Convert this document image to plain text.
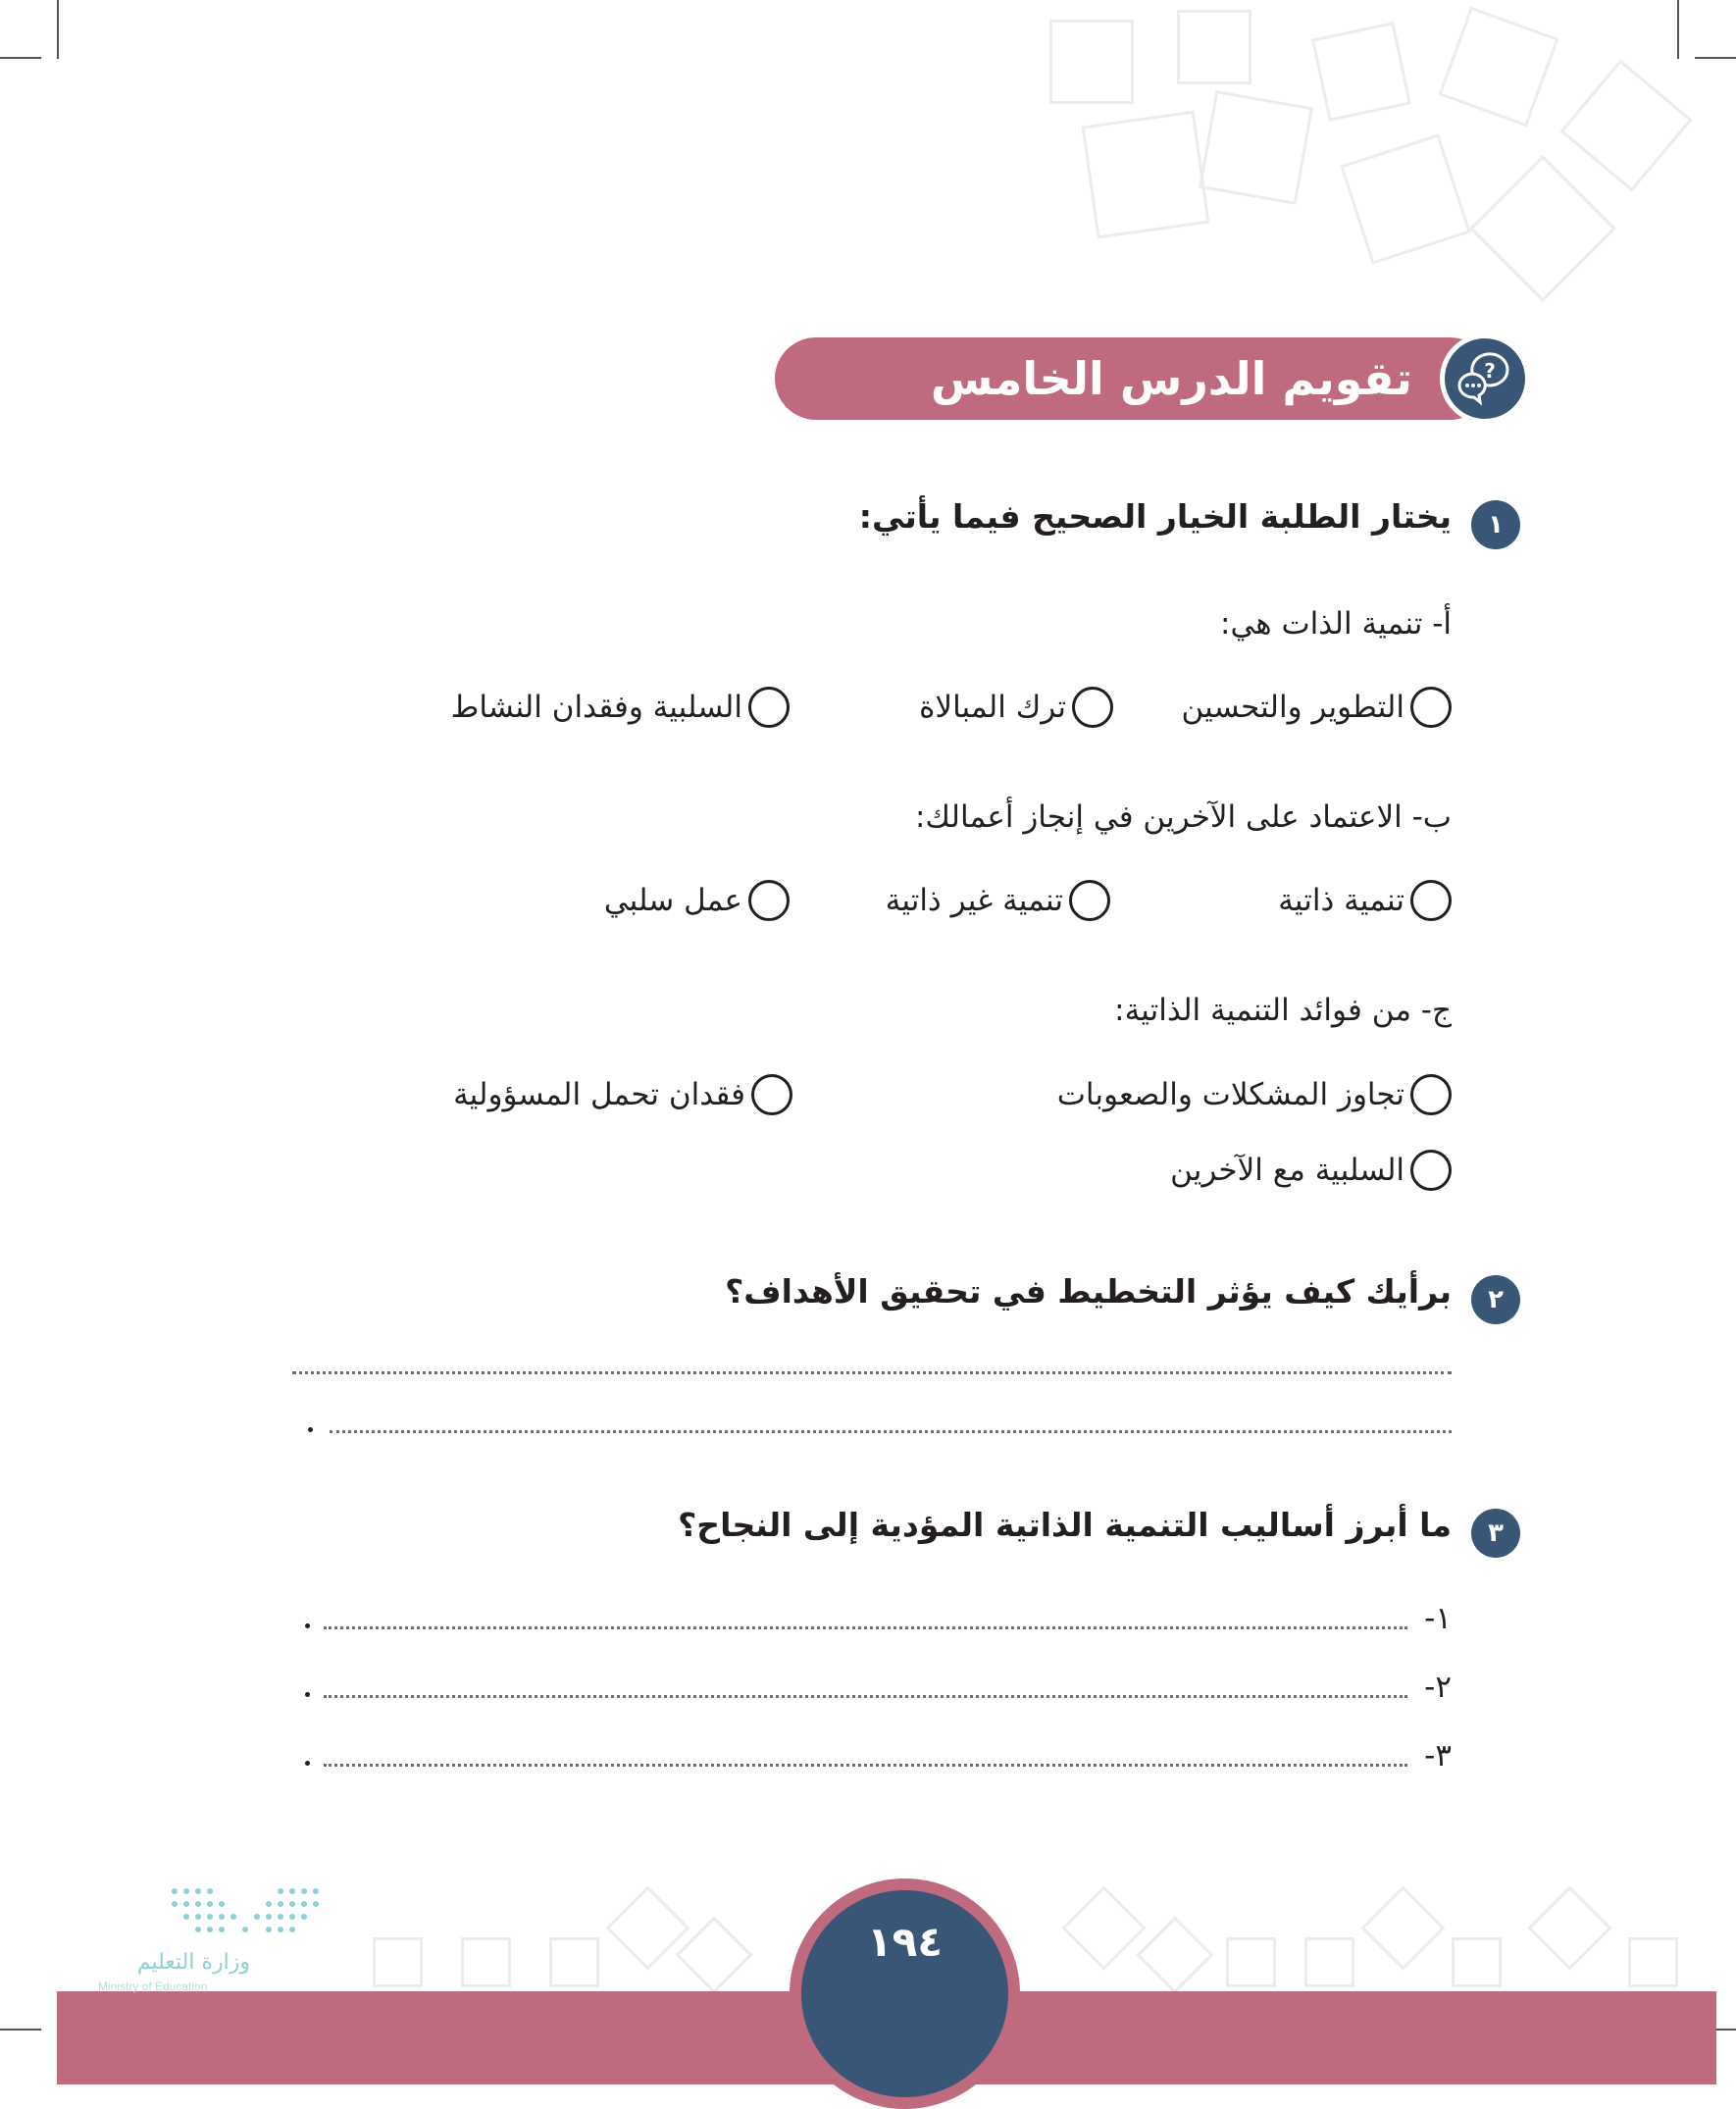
تقويم الدرس الخامس والعشرين
?
١
يختار الطلبة الخيار الصحيح فيما يأتي:
أ- تنمية الذات هي:
التطوير والتحسين
ترك المبالاة
السلبية وفقدان النشاط
ب- الاعتماد على الآخرين في إنجاز أعمالك:
تنمية ذاتية
تنمية غير ذاتية
عمل سلبي
ج- من فوائد التنمية الذاتية:
تجاوز المشكلات والصعوبات
فقدان تحمل المسؤولية
السلبية مع الآخرين
٢
برأيك كيف يؤثر التخطيط في تحقيق الأهداف؟
٣
ما أبرز أساليب التنمية الذاتية المؤدية إلى النجاح؟
١-
٢-
٣-
١٩٤
وزارة التعليم
Ministry of Education
